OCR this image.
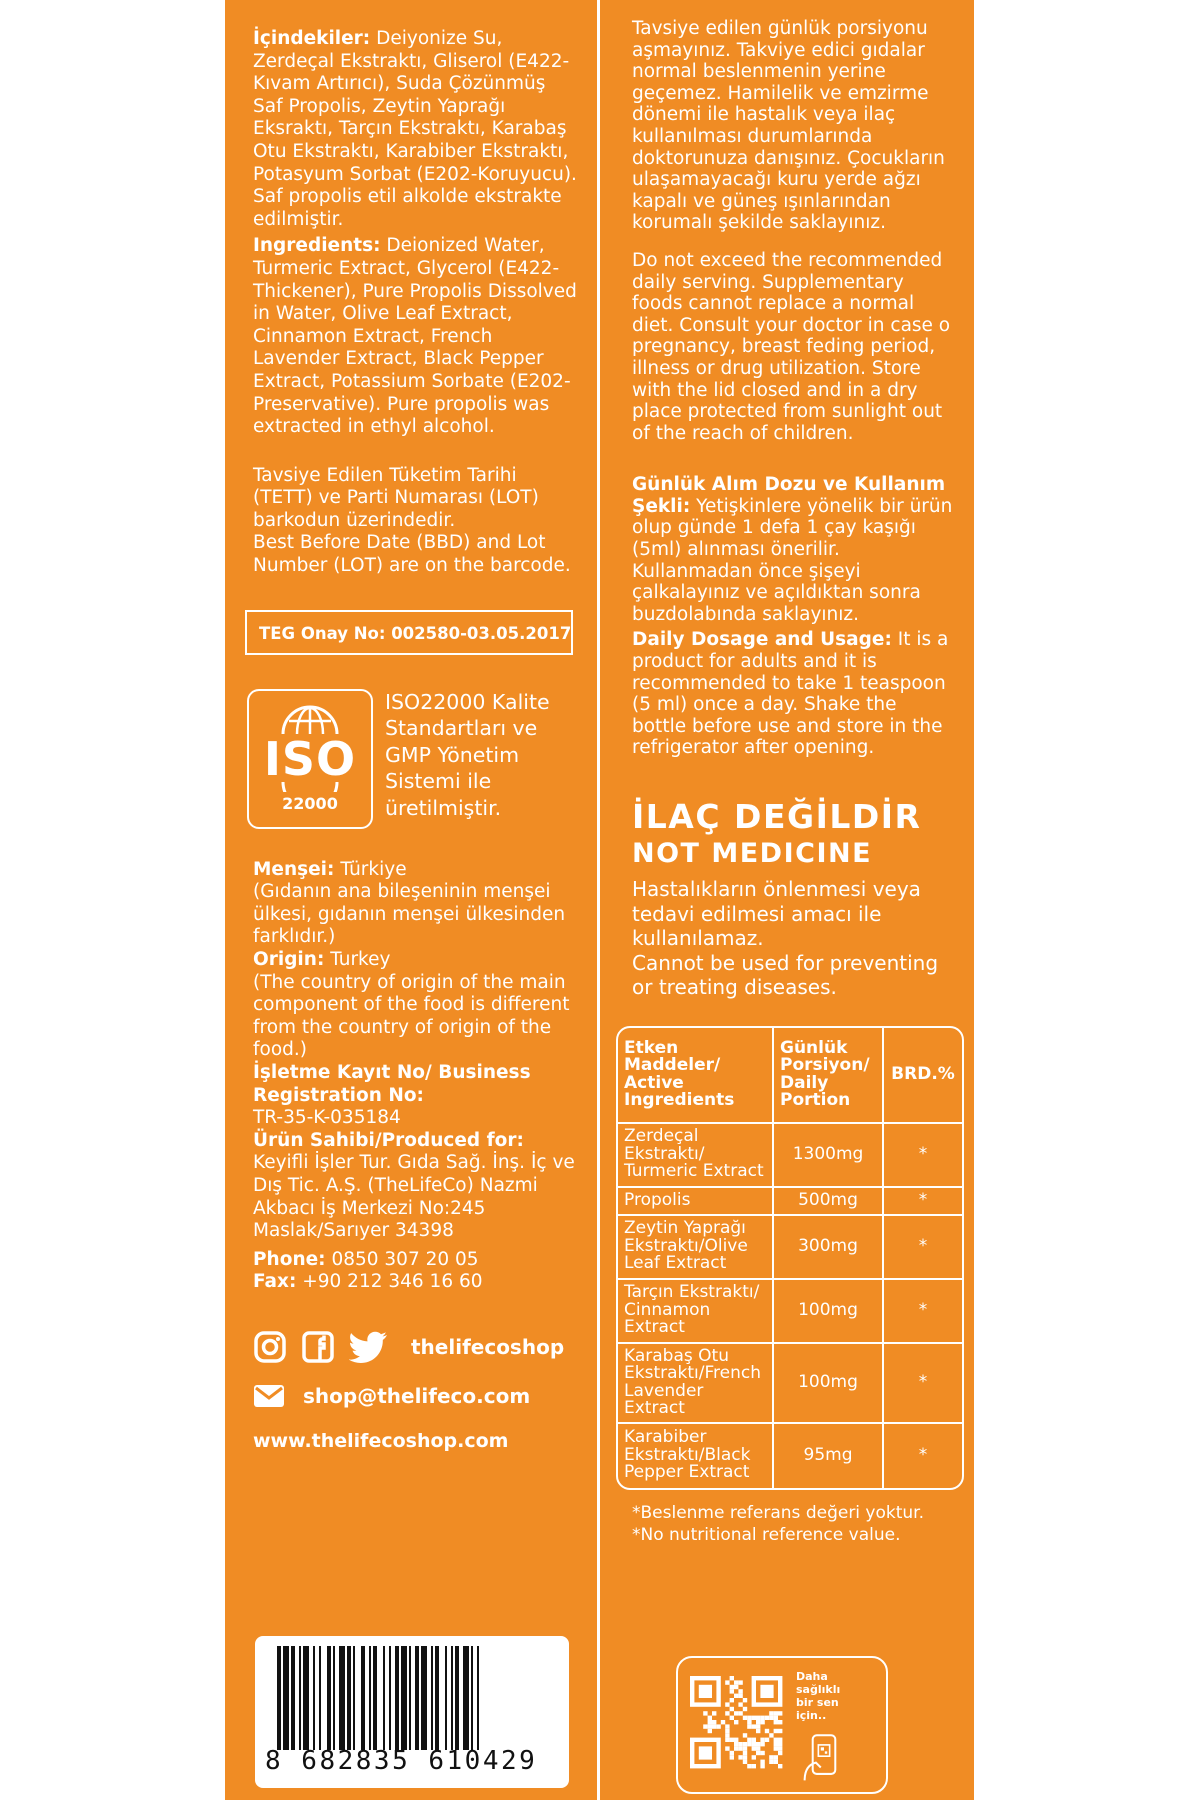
İçindekiler: Deiyonize Su, Zerdeçal Ekstraktı, Gliserol (E422-Kıvam Artırıcı), Suda Çözünmüş Saf Propolis, Zeytin Yaprağı Eksraktı, Tarçın Ekstraktı, Karabaş Otu Ekstraktı, Karabiber Ekstraktı, Potasyum Sorbat (E202-Koruyucu). Saf propolis etil alkolde ekstrakte edilmiştir.

Ingredients: Deionized Water, Turmeric Extract, Glycerol (E422-Thickener), Pure Propolis Dissolved in Water, Olive Leaf Extract, Cinnamon Extract, French Lavender Extract, Black Pepper Extract, Potassium Sorbate (E202-Preservative). Pure propolis was extracted in ethyl alcohol.

Tavsiye Edilen Tüketim Tarihi (TETT) ve Parti Numarası (LOT) barkodun üzerindedir.

Best Before Date (BBD) and Lot Number (LOT) are on the barcode.

TEG Onay No: 002580-03.05.2017
ISO
22000
ISO22000 Kalite Standartları ve GMP Yönetim Sistemi ile üretilmiştir.

Menşei: Türkiye

(Gıdanın ana bileşeninin menşei ülkesi, gıdanın menşei ülkesinden farklıdır.)

Origin: Turkey

(The country of origin of the main component of the food is different from the country of origin of the food.)

İşletme Kayıt No/ Business Registration No:

TR-35-K-035184

Ürün Sahibi/Produced for:

Keyifli İşler Tur. Gıda Sağ. İnş. İç ve Dış Tic. A.Ş. (TheLifeCo) Nazmi Akbacı İş Merkezi No:245 Maslak/Sarıyer 34398

Phone: 0850 307 20 05

Fax: +90 212 346 16 60

thelifecoshop
shop@thelifeco.com
www.thelifecoshop.com
8 682835 610429

Tavsiye edilen günlük porsiyonu aşmayınız. Takviye edici gıdalar normal beslenmenin yerine geçemez. Hamilelik ve emzirme dönemi ile hastalık veya ilaç kullanılması durumlarında doktorunuza danışınız. Çocukların ulaşamayacağı kuru yerde ağzı kapalı ve güneş ışınlarından korumalı şekilde saklayınız.

Do not exceed the recommended daily serving. Supplementary foods cannot replace a normal diet. Consult your doctor in case o pregnancy, breast feding period, illness or drug utilization. Store with the lid closed and in a dry place protected from sunlight out of the reach of children.

Günlük Alım Dozu ve Kullanım Şekli: Yetişkinlere yönelik bir ürün olup günde 1 defa 1 çay kaşığı (5ml) alınması önerilir. Kullanmadan önce şişeyi çalkalayınız ve açıldıktan sonra buzdolabında saklayınız.

Daily Dosage and Usage: It is a product for adults and it is recommended to take 1 teaspoon (5 ml) once a day. Shake the bottle before use and store in the refrigerator after opening.

İLAÇ DEĞİLDİR

NOT MEDICINE

Hastalıkların önlenmesi veya tedavi edilmesi amacı ile kullanılamaz.

Cannot be used for preventing or treating diseases.

Etken Maddeler/ Active Ingredients	Günlük Porsiyon/ Daily Portion	BRD.%
Zerdeçal Ekstraktı/ Turmeric Extract	1300mg	*
Propolis	500mg	*
Zeytin Yaprağı Ekstraktı/Olive Leaf Extract	300mg	*
Tarçın Ekstraktı/ Cinnamon Extract	100mg	*
Karabaş Otu Ekstraktı/French Lavender Extract	100mg	*
Karabiber Ekstraktı/Black Pepper Extract	95mg	*

*Beslenme referans değeri yoktur.

*No nutritional reference value.

Daha sağlıklı bir sen için..
